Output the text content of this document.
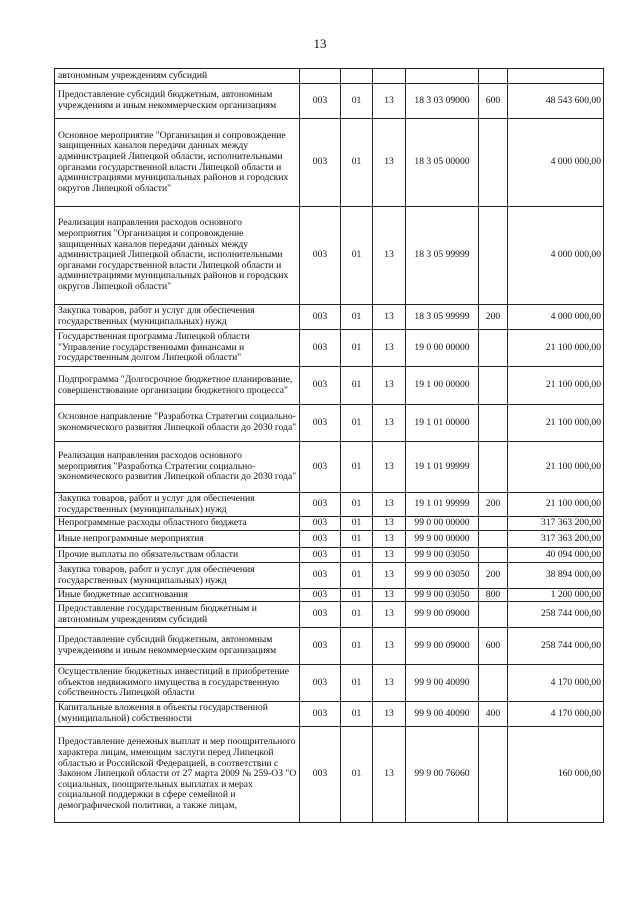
13
автономным учреждениям субсидий						
Предоставление субсидий бюджетным, автономным учреждениям и иным некоммерческим организациям	003	01	13	18 3 03 09000	600	48 543 600,00
Основное мероприятие "Организация и сопровождение защищенных каналов передачи данных между администрацией Липецкой области, исполнительными органами государственной власти Липецкой области и администрациями муниципальных районов и городских округов Липецкой области"	003	01	13	18 3 05 00000		4 000 000,00
Реализация направления расходов основного мероприятия "Организация и сопровождение защищенных каналов передачи данных между администрацией Липецкой области, исполнительными органами государственной власти Липецкой области и администрациями муниципальных районов и городских округов Липецкой области"	003	01	13	18 3 05 99999		4 000 000,00
Закупка товаров, работ и услуг для обеспечения государственных (муниципальных) нужд	003	01	13	18 3 05 99999	200	4 000 000,00
Государственная программа Липецкой области "Управление государственными финансами и государственным долгом Липецкой области"	003	01	13	19 0 00 00000		21 100 000,00
Подпрограмма "Долгосрочное бюджетное планирование, совершенствование организации бюджетного процесса"	003	01	13	19 1 00 00000		21 100 000,00
Основное направление "Разработка Стратегии социально-экономического развития Липецкой области до 2030 года"	003	01	13	19 1 01 00000		21 100 000,00
Реализация направления расходов основного мероприятия "Разработка Стратегии социально-экономического развития Липецкой области до 2030 года"	003	01	13	19 1 01 99999		21 100 000,00
Закупка товаров, работ и услуг для обеспечения государственных (муниципальных) нужд	003	01	13	19 1 01 99999	200	21 100 000,00
Непрограммные расходы областного бюджета	003	01	13	99 0 00 00000		317 363 200,00
Иные непрограммные мероприятия	003	01	13	99 9 00 00000		317 363 200,00
Прочие выплаты по обязательствам области	003	01	13	99 9 00 03050		40 094 000,00
Закупка товаров, работ и услуг для обеспечения государственных (муниципальных) нужд	003	01	13	99 9 00 03050	200	38 894 000,00
Иные бюджетные ассигнования	003	01	13	99 9 00 03050	800	1 200 000,00
Предоставление государственным бюджетным и автономным учреждениям субсидий	003	01	13	99 9 00 09000		258 744 000,00
Предоставление субсидий бюджетным, автономным учреждениям и иным некоммерческим организациям	003	01	13	99 9 00 09000	600	258 744 000,00
Осуществление бюджетных инвестиций в приобретение объектов недвижимого имущества в государственную собственность Липецкой области	003	01	13	99 9 00 40090		4 170 000,00
Капитальные вложения в объекты государственной (муниципальной) собственности	003	01	13	99 9 00 40090	400	4 170 000,00
Предоставление денежных выплат и мер поощрительного характера лицам, имеющим заслуги перед Липецкой областью и Российской Федерацией, в соответствии с Законом Липецкой области от 27 марта 2009 № 259-ОЗ "О социальных, поощрительных выплатах и мерах социальной поддержки в сфере семейной и демографической политики, а также лицам,	003	01	13	99 9 00 76060		160 000,00
